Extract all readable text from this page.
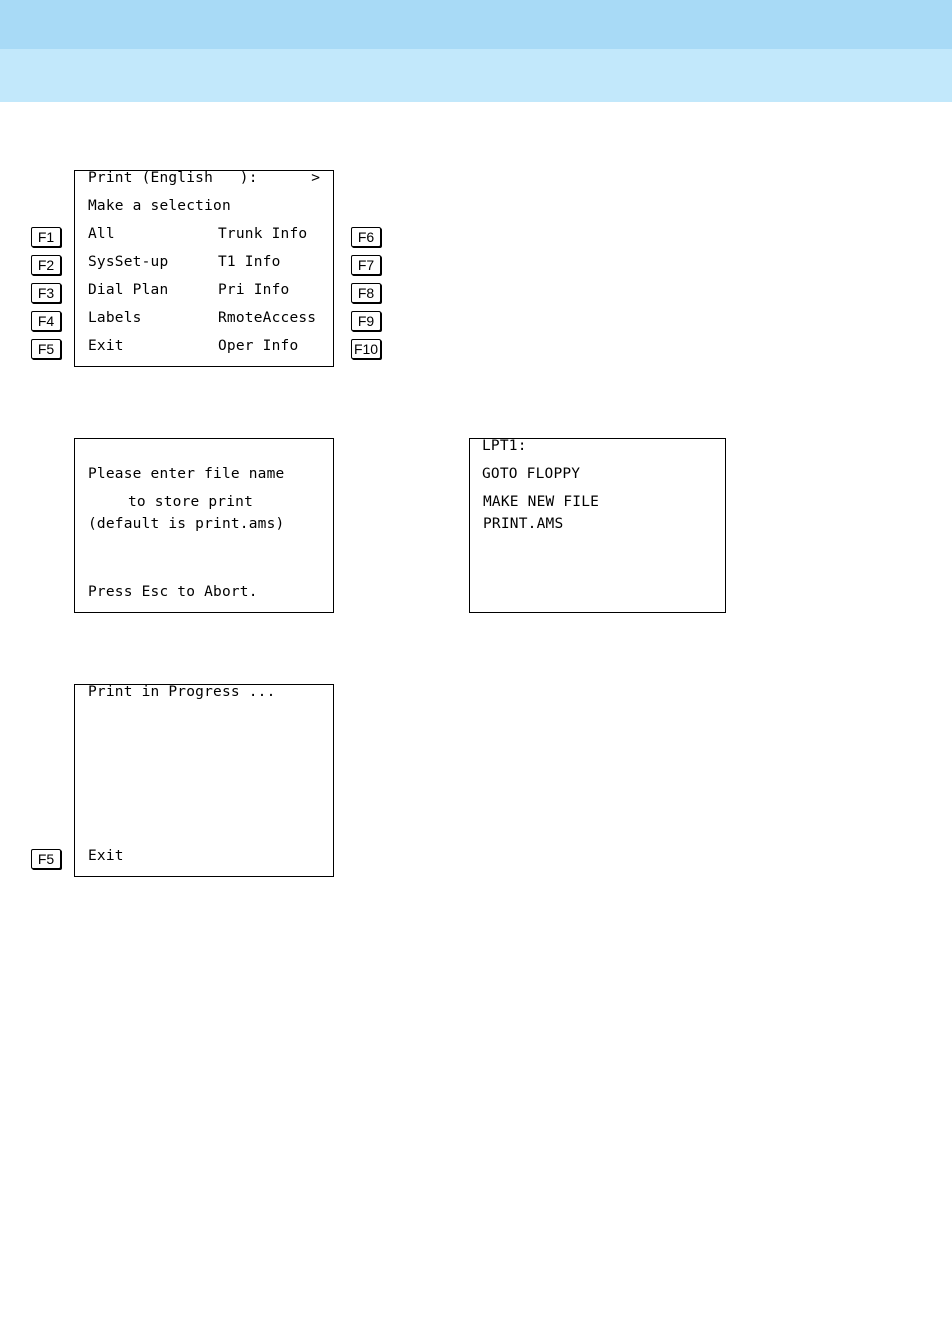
Print (English   ):      >
Make a selection
All
SysSet-up
Dial Plan
Labels
Exit
Trunk Info
T1 Info
Pri Info
RmoteAccess
Oper Info
F1
F2
F3
F4
F5
F6
F7
F8
F9
F10
Please enter file name
to store print
(default is print.ams)
Press Esc to Abort.
LPT1:
GOTO FLOPPY
MAKE NEW FILE
PRINT.AMS
Print in Progress ...
Exit
F5
